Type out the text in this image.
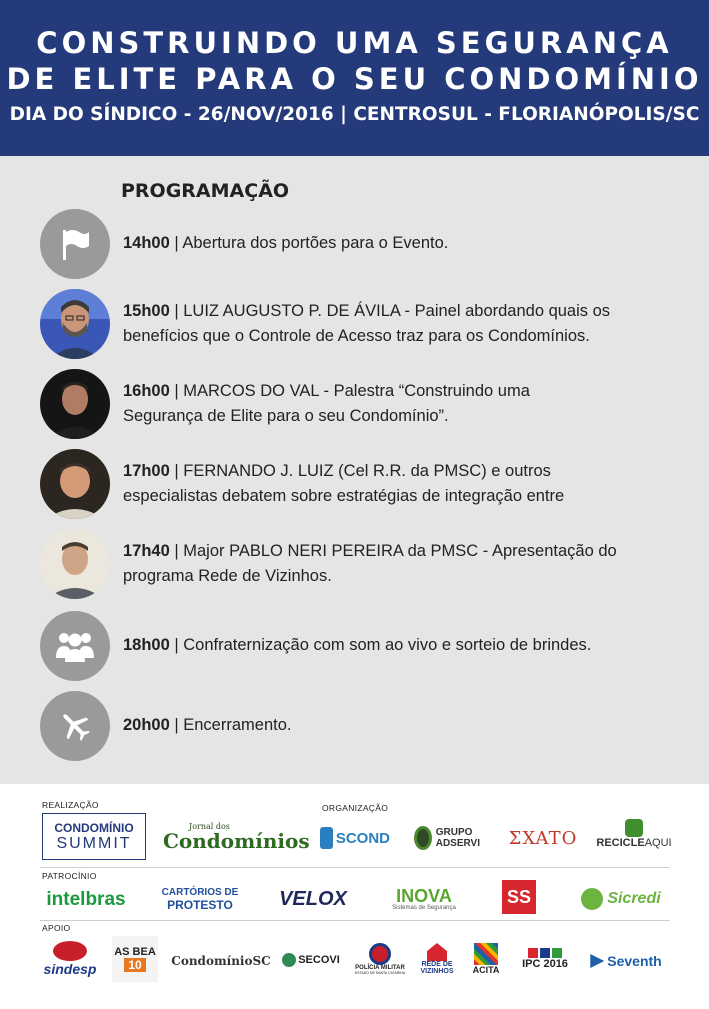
CONSTRUINDO UMA SEGURANÇA
DE ELITE PARA O SEU CONDOMÍNIO
DIA DO SÍNDICO - 26/NOV/2016 | CENTROSUL - FLORIANÓPOLIS/SC
PROGRAMAÇÃO
14h00 | Abertura dos portões para o Evento.
15h00 | LUIZ AUGUSTO P. DE ÁVILA - Painel abordando quais os
benefícios que o Controle de Acesso traz para os Condomínios.
16h00 | MARCOS DO VAL - Palestra “Construindo uma
Segurança de Elite para o seu Condomínio”.
17h00 | FERNANDO J. LUIZ (Cel R.R. da PMSC) e outros
especialistas debatem sobre estratégias de integração entre
17h40 | Major PABLO NERI PEREIRA da PMSC - Apresentação do
programa Rede de Vizinhos.
18h00 | Confraternização com som ao vivo e sorteio de brindes.
20h00 | Encerramento.
REALIZAÇÃO	ORGANIZAÇÃO
CONDOMÍNIO
SUMMIT
Jornal dos
Condomínios SCOND	GRUPO
ADSERVI ΣXATO RECICLEAQUI
PATROCÍNIO
intelbras	CARTÓRIOS DE
PROTESTO VELOX	INOVA
Sistemas de Segurança
SS	Sicredi
APOIO
sindesp
AS BEA
10	CondomínioSC SECOVI
POLÍCIA MILITAR
ESTADO DE SANTA CATARINA
REDE DE
VIZINHOS ACITA IPC 2016	Seventh
